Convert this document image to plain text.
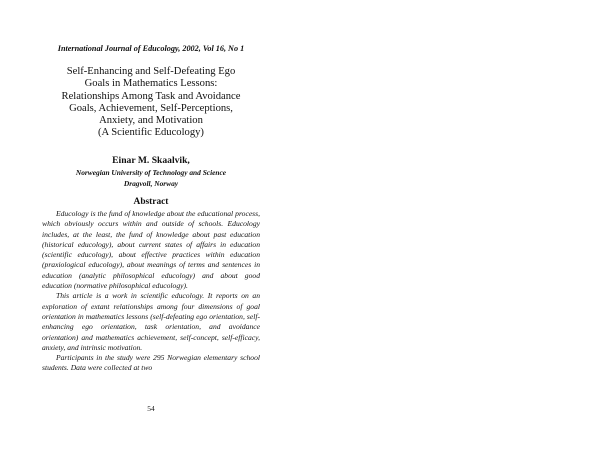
International Journal of Educology, 2002, Vol 16, No 1
Self-Enhancing and Self-Defeating Ego
Goals in Mathematics Lessons:
Relationships Among Task and Avoidance
Goals, Achievement, Self-Perceptions,
Anxiety, and Motivation
(A Scientific Educology)
Einar M. Skaalvik,
Norwegian University of Technology and Science
Dragvoll, Norway
Abstract

Educology is the fund of knowledge about the educational process, which obviously occurs within and outside of schools. Educology includes, at the least, the fund of knowledge about past education (historical educology), about current states of affairs in education (scientific educology), about effective practices within education (praxiological educology), about meanings of terms and sentences in education (analytic philosophical educology) and about good education (normative philosophical educology).

This article is a work in scientific educology. It reports on an exploration of extant relationships among four dimensions of goal orientation in mathematics lessons (self-defeating ego orientation, self-enhancing ego orientation, task orientation, and avoidance orientation) and mathematics achievement, self-concept, self-efficacy, anxiety, and intrinsic motivation.

Participants in the study were 295 Norwegian elementary school students. Data were collected at two

54
